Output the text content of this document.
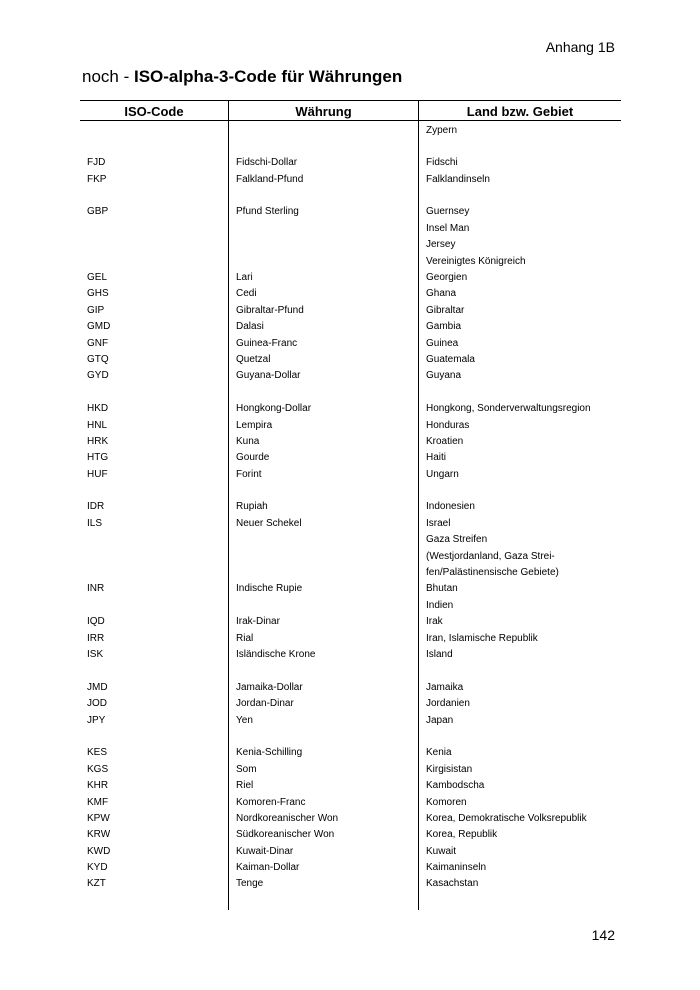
Anhang 1B
noch - ISO-alpha-3-Code für Währungen
ISO-Code	Währung	Land bzw. Gebiet
Zypern
FJD	Fidschi-Dollar	Fidschi
FKP	Falkland-Pfund	Falklandinseln
GBP	Pfund Sterling	Guernsey
Insel Man
Jersey
Vereinigtes Königreich
GEL	Lari	Georgien
GHS	Cedi	Ghana
GIP	Gibraltar-Pfund	Gibraltar
GMD	Dalasi	Gambia
GNF	Guinea-Franc	Guinea
GTQ	Quetzal	Guatemala
GYD	Guyana-Dollar	Guyana
HKD	Hongkong-Dollar	Hongkong, Sonderverwaltungsregion
HNL	Lempira	Honduras
HRK	Kuna	Kroatien
HTG	Gourde	Haiti
HUF	Forint	Ungarn
IDR	Rupiah	Indonesien
ILS	Neuer Schekel	Israel
Gaza Streifen
(Westjordanland, Gaza Strei-
fen/Palästinensische Gebiete)
INR	Indische Rupie	Bhutan
Indien
IQD	Irak-Dinar	Irak
IRR	Rial	Iran, Islamische Republik
ISK	Isländische Krone	Island
JMD	Jamaika-Dollar	Jamaika
JOD	Jordan-Dinar	Jordanien
JPY	Yen	Japan
KES	Kenia-Schilling	Kenia
KGS	Som	Kirgisistan
KHR	Riel	Kambodscha
KMF	Komoren-Franc	Komoren
KPW	Nordkoreanischer Won	Korea, Demokratische Volksrepublik
KRW	Südkoreanischer Won	Korea, Republik
KWD	Kuwait-Dinar	Kuwait
KYD	Kaiman-Dollar	Kaimaninseln
KZT	Tenge	Kasachstan
142
